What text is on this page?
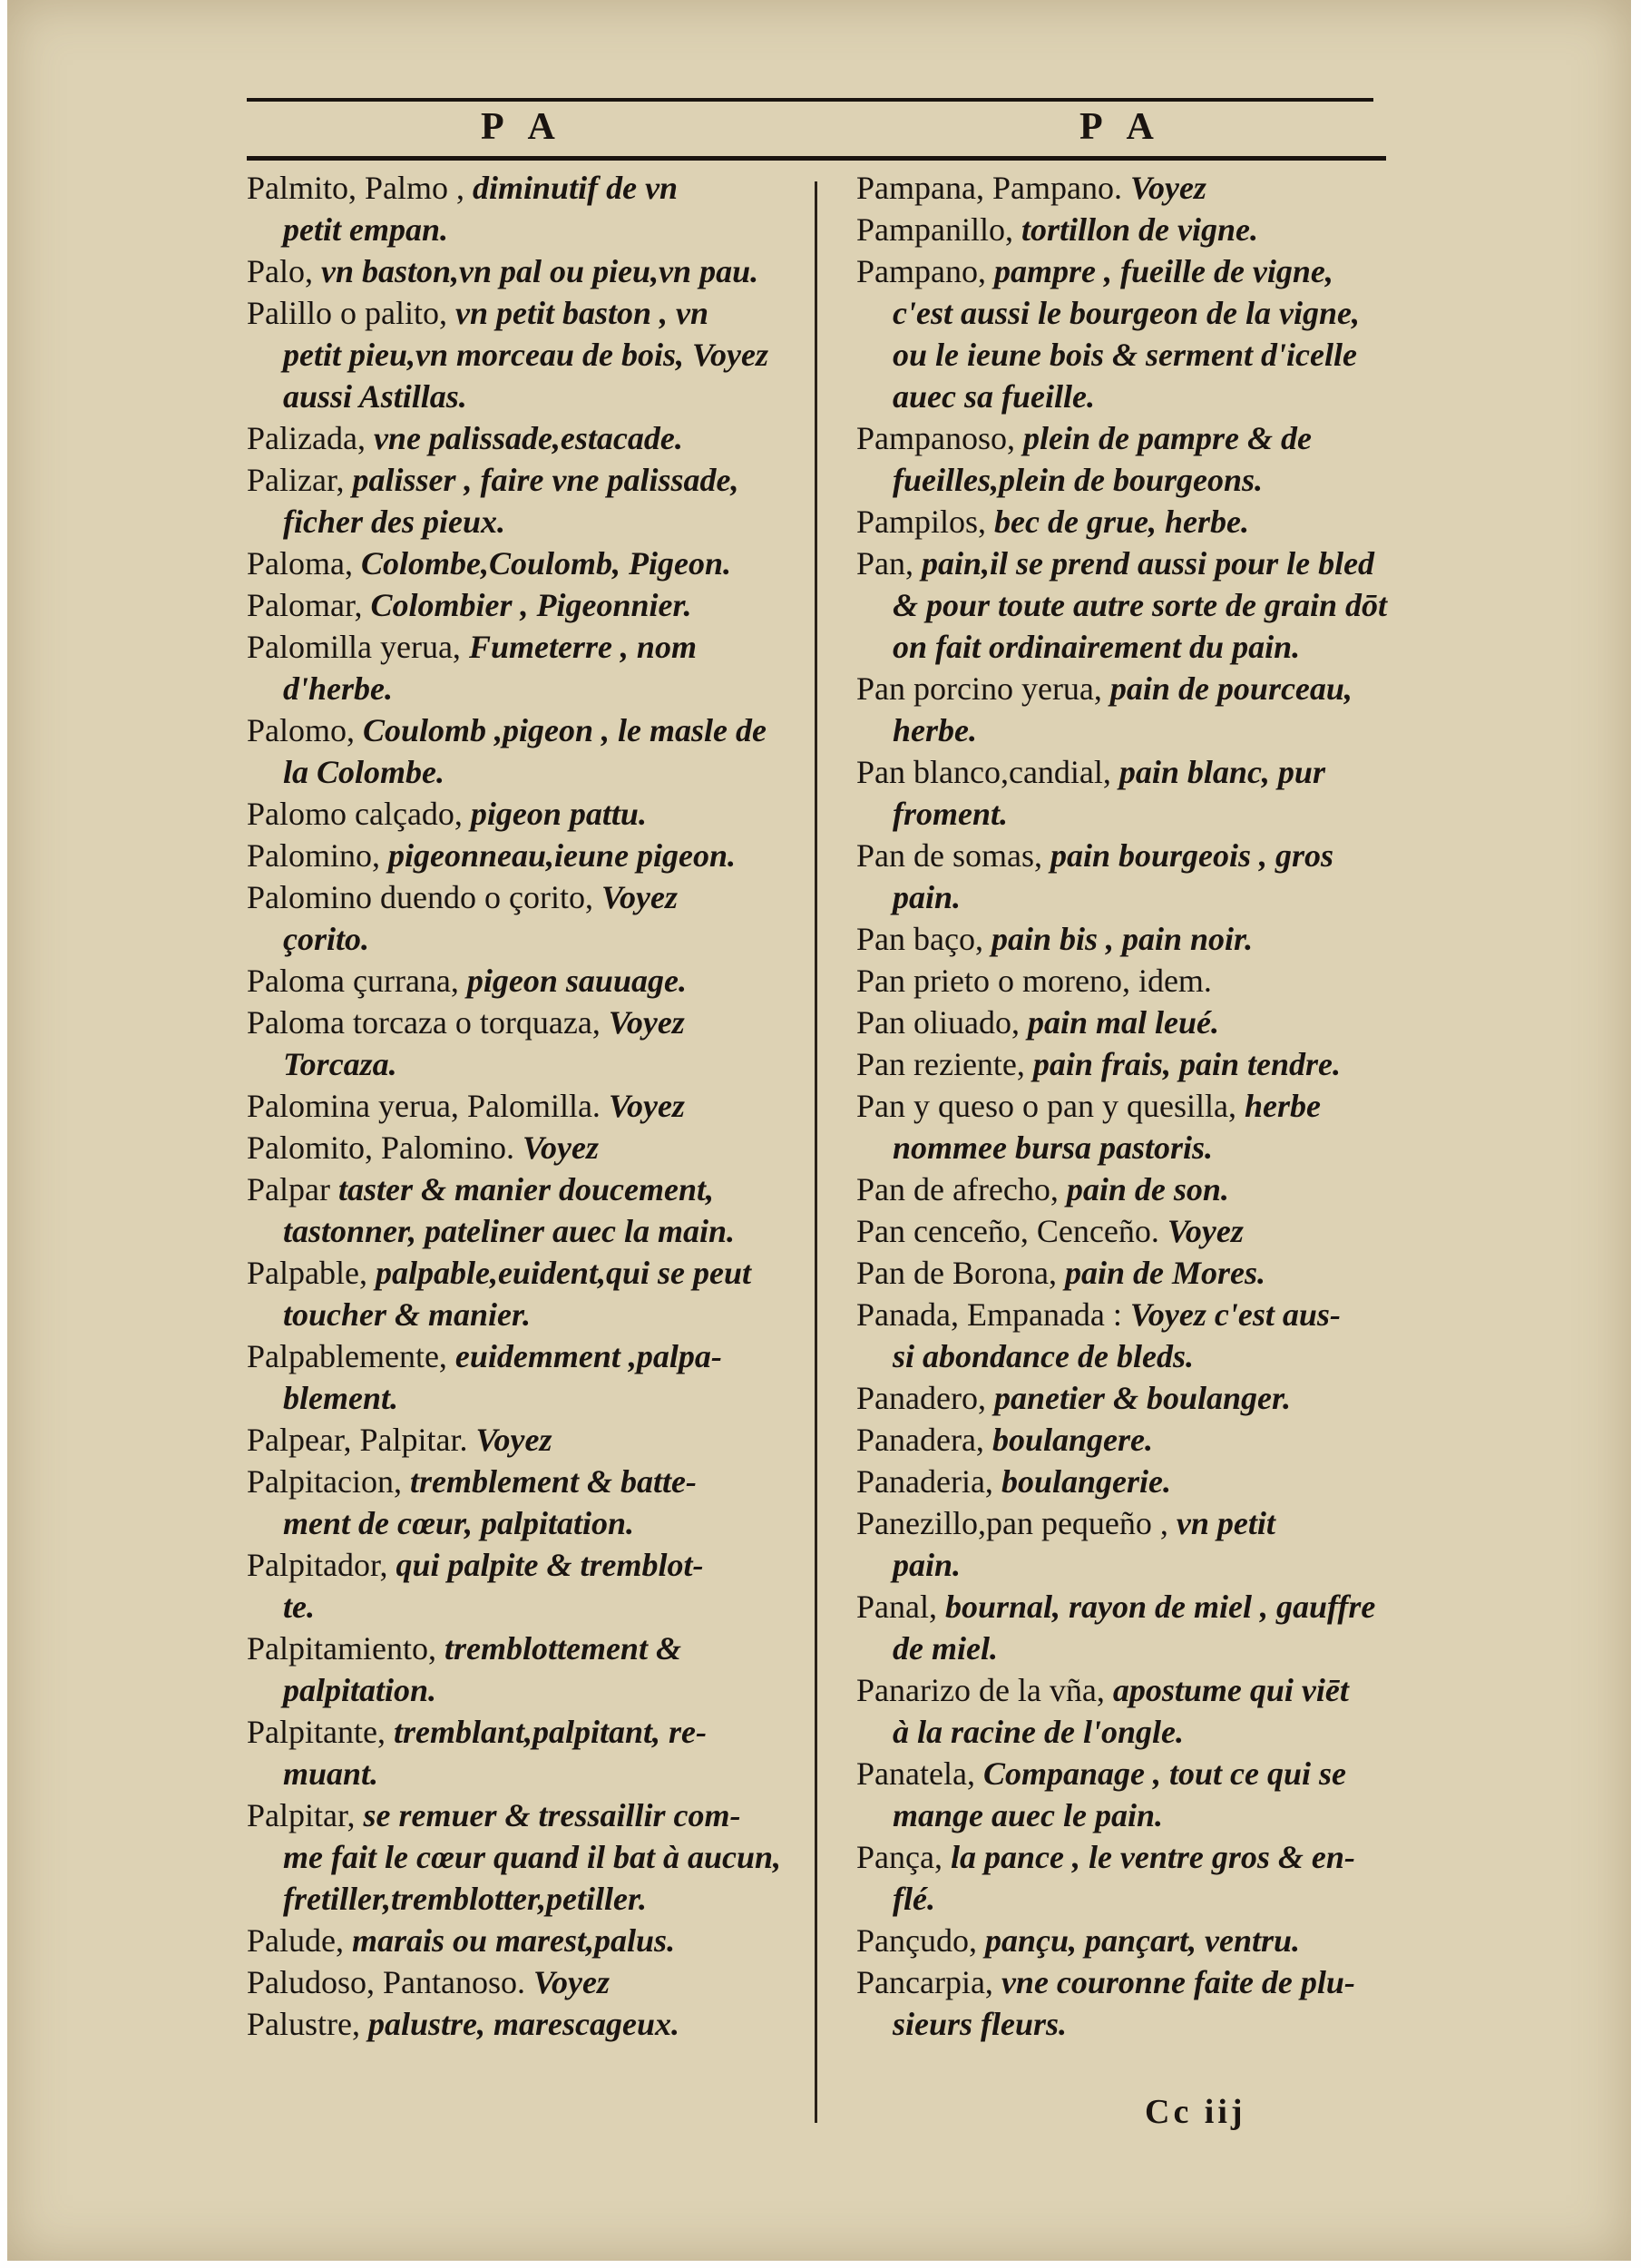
P A	P A
Palmito, Palmo , diminutif de vn
petit empan.
Palo, vn baston,vn pal ou pieu,vn pau.
Palillo o palito, vn petit baston , vn
petit pieu,vn morceau de bois, Voyez aussi Astillas.
Palizada, vne palissade,estacade.
Palizar, palisser , faire vne palissade,
ficher des pieux.
Paloma, Colombe,Coulomb, Pigeon.
Palomar, Colombier , Pigeonnier.
Palomilla yerua, Fumeterre , nom
d'herbe.
Palomo, Coulomb ,pigeon , le masle de
la Colombe.
Palomo calçado, pigeon pattu.
Palomino, pigeonneau,ieune pigeon.
Palomino duendo o çorito, Voyez
çorito.
Paloma çurrana, pigeon sauuage.
Paloma torcaza o torquaza, Voyez
Torcaza.
Palomina yerua, Palomilla. Voyez
Palomito, Palomino. Voyez
Palpar taster & manier doucement,
tastonner, pateliner auec la main.
Palpable, palpable,euident,qui se peut
toucher & manier.
Palpablemente, euidemment ,palpa-
blement.
Palpear, Palpitar. Voyez
Palpitacion, tremblement & batte-
ment de cœur, palpitation.
Palpitador, qui palpite & tremblot-
te.
Palpitamiento, tremblottement &
palpitation.
Palpitante, tremblant,palpitant, re-
muant.
Palpitar, se remuer & tressaillir com-
me fait le cœur quand il bat à aucun, fretiller,tremblotter,petiller.
Palude, marais ou marest,palus.
Paludoso, Pantanoso. Voyez
Palustre, palustre, marescageux.
Pampana, Pampano. Voyez
Pampanillo, tortillon de vigne.
Pampano, pampre , fueille de vigne,
c'est aussi le bourgeon de la vigne, ou le ieune bois & serment d'icelle auec sa fueille.
Pampanoso, plein de pampre & de
fueilles,plein de bourgeons.
Pampilos, bec de grue, herbe.
Pan, pain,il se prend aussi pour le bled
& pour toute autre sorte de grain dōt on fait ordinairement du pain.
Pan porcino yerua, pain de pourceau,
herbe.
Pan blanco,candial, pain blanc, pur
froment.
Pan de somas, pain bourgeois , gros
pain.
Pan baço, pain bis , pain noir.
Pan prieto o moreno, idem.
Pan oliuado, pain mal leué.
Pan reziente, pain frais, pain tendre.
Pan y queso o pan y quesilla, herbe
nommee bursa pastoris.
Pan de afrecho, pain de son.
Pan cenceño, Cenceño. Voyez
Pan de Borona, pain de Mores.
Panada, Empanada : Voyez c'est aus-
si abondance de bleds.
Panadero, panetier & boulanger.
Panadera, boulangere.
Panaderia, boulangerie.
Panezillo,pan pequeño , vn petit
pain.
Panal, bournal, rayon de miel , gauffre
de miel.
Panarizo de la vña, apostume qui viēt
à la racine de l'ongle.
Panatela, Companage , tout ce qui se
mange auec le pain.
Pança, la pance , le ventre gros & en-
flé.
Pançudo, pançu, pançart, ventru.
Pancarpia, vne couronne faite de plu-
sieurs fleurs.
Cc iij
